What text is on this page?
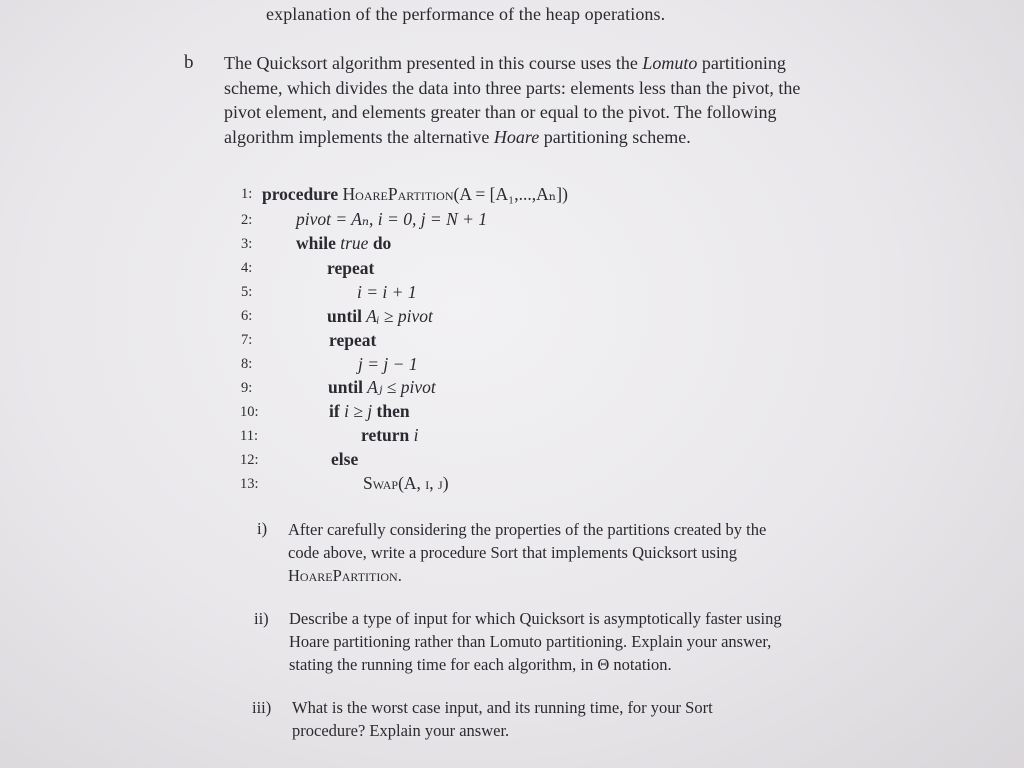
explanation of the performance of the heap operations.
b The Quicksort algorithm presented in this course uses the Lomuto partitioning
scheme, which divides the data into three parts: elements less than the pivot, the
pivot element, and elements greater than or equal to the pivot. The following
algorithm implements the alternative Hoare partitioning scheme.
1:
2:
3:
4:
5:
6:
7:
8:
9:
10:
11:
12:
13:
procedure HoarePartition(A = [A₁,...,Aₙ])
pivot = Aₙ, i = 0, j = N + 1
while true do
repeat
i = i + 1
until Aᵢ ≥ pivot
repeat
j = j − 1
until Aⱼ ≤ pivot
if i ≥ j then
return i
else
Swap(A, i, j)
i) After carefully considering the properties of the partitions created by the
code above, write a procedure Sort that implements Quicksort using
HoarePartition.
ii) Describe a type of input for which Quicksort is asymptotically faster using
Hoare partitioning rather than Lomuto partitioning. Explain your answer,
stating the running time for each algorithm, in Θ notation.
iii) What is the worst case input, and its running time, for your Sort
procedure? Explain your answer.
